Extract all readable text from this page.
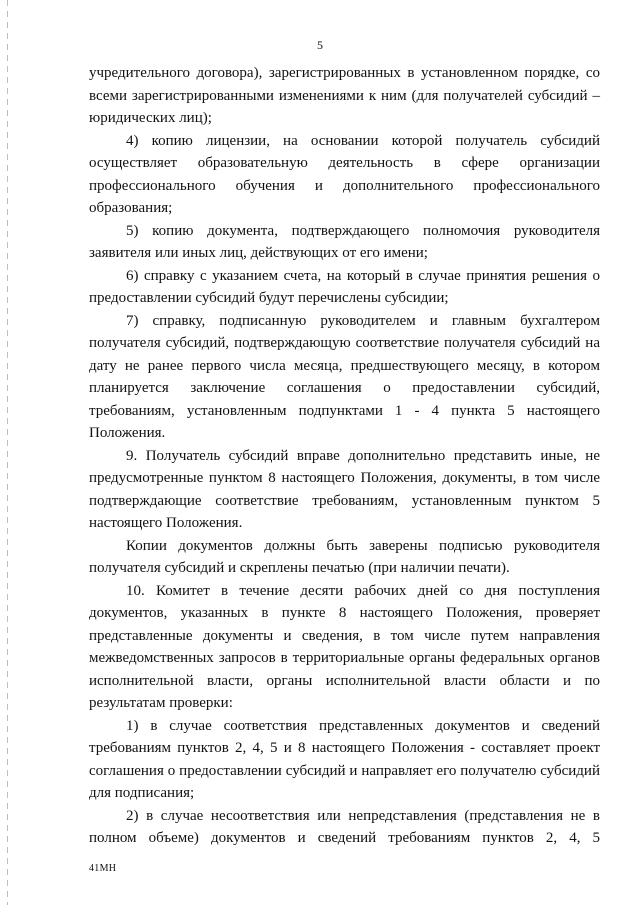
5

учредительного договора), зарегистрированных в установленном порядке, со всеми зарегистрированными изменениями к ним (для получателей субсидий – юридических лиц);

4) копию лицензии, на основании которой получатель субсидий осуществляет образовательную деятельность в сфере организации профессионального обучения и дополнительного профессионального образования;

5) копию документа, подтверждающего полномочия руководителя заявителя или иных лиц, действующих от его имени;

6) справку с указанием счета, на который в случае принятия решения о предоставлении субсидий будут перечислены субсидии;

7) справку, подписанную руководителем и главным бухгалтером получателя субсидий, подтверждающую соответствие получателя субсидий на дату не ранее первого числа месяца, предшествующего месяцу, в котором планируется заключение соглашения о предоставлении субсидий, требованиям, установленным подпунктами 1 - 4 пункта 5 настоящего Положения.

9. Получатель субсидий вправе дополнительно представить иные, не предусмотренные пунктом 8 настоящего Положения, документы, в том числе подтверждающие соответствие требованиям, установленным пунктом 5 настоящего Положения.

Копии документов должны быть заверены подписью руководителя получателя субсидий и скреплены печатью (при наличии печати).

10. Комитет в течение десяти рабочих дней со дня поступления документов, указанных в пункте 8 настоящего Положения, проверяет представленные документы и сведения, в том числе путем направления межведомственных запросов в территориальные органы федеральных органов исполнительной власти, органы исполнительной власти области и по результатам проверки:

1) в случае соответствия представленных документов и сведений требованиям пунктов 2, 4, 5 и 8 настоящего Положения - составляет проект соглашения о предоставлении субсидий и направляет его получателю субсидий для подписания;

2) в случае несоответствия или непредставления (представления не в полном объеме) документов и сведений требованиям пунктов 2, 4, 5

41МН
